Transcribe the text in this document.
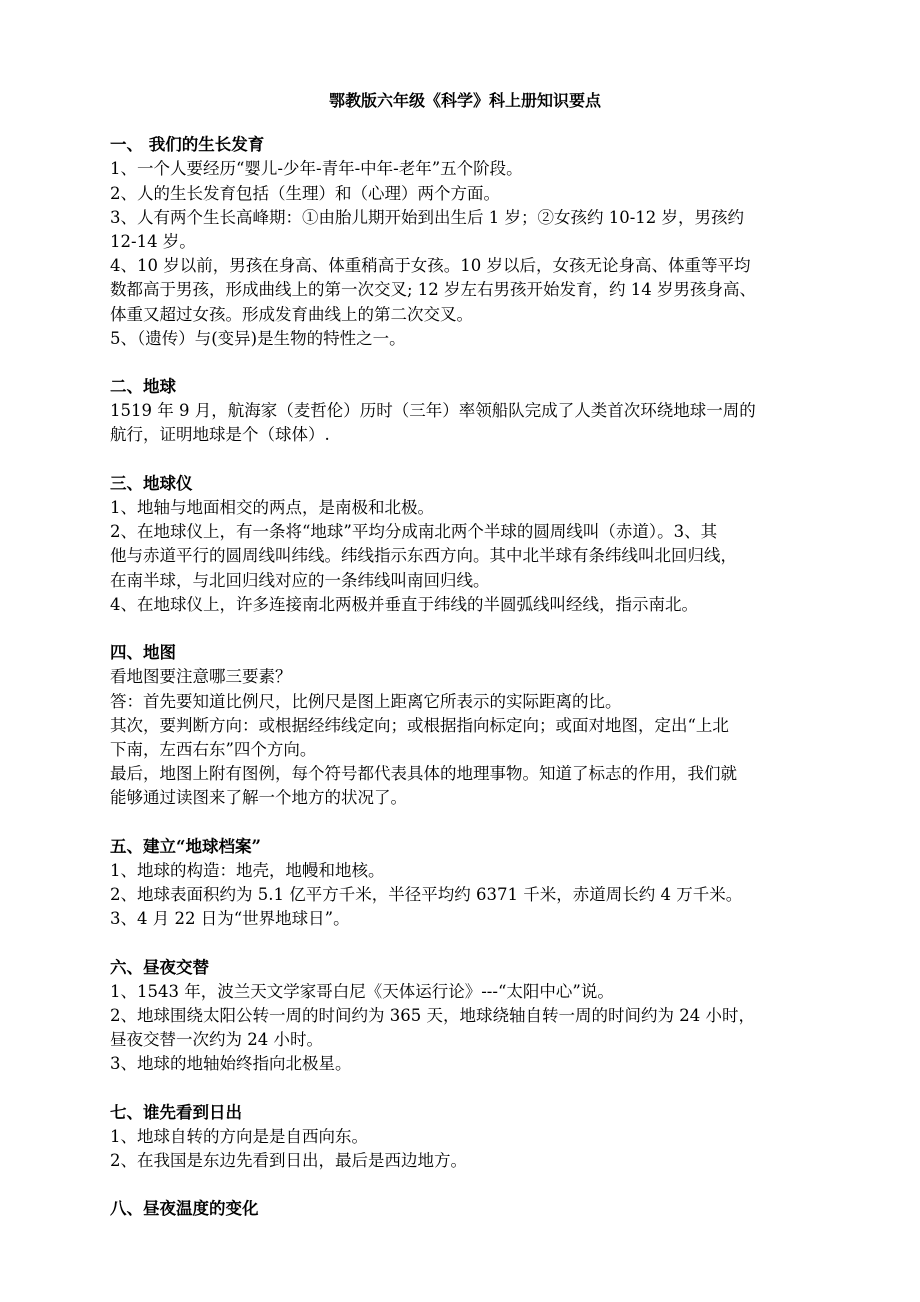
鄂教版六年级《科学》科上册知识要点
一、 我们的生长发育
1、一个人要经历“婴儿-少年-青年-中年-老年”五个阶段。
2、人的生长发育包括（生理）和（心理）两个方面。
3、人有两个生长高峰期：①由胎儿期开始到出生后 1 岁；②女孩约 10-12 岁，男孩约
12-14 岁。
4、10 岁以前，男孩在身高、体重稍高于女孩。10 岁以后，女孩无论身高、体重等平均
数都高于男孩，形成曲线上的第一次交叉; 12 岁左右男孩开始发育，约 14 岁男孩身高、
体重又超过女孩。形成发育曲线上的第二次交叉。
5、（遗传）与(变异)是生物的特性之一。
二、地球
1519 年 9 月，航海家（麦哲伦）历时（三年）率领船队完成了人类首次环绕地球一周的
航行，证明地球是个（球体）.
三、地球仪
1、地轴与地面相交的两点，是南极和北极。
2、在地球仪上，有一条将“地球”平均分成南北两个半球的圆周线叫（赤道）。3、其
他与赤道平行的圆周线叫纬线。纬线指示东西方向。其中北半球有条纬线叫北回归线，
在南半球，与北回归线对应的一条纬线叫南回归线。
4、在地球仪上，许多连接南北两极并垂直于纬线的半圆弧线叫经线，指示南北。
四、地图
看地图要注意哪三要素？
答：首先要知道比例尺，比例尺是图上距离它所表示的实际距离的比。
其次，要判断方向：或根据经纬线定向；或根据指向标定向；或面对地图，定出“上北
下南，左西右东”四个方向。
最后，地图上附有图例，每个符号都代表具体的地理事物。知道了标志的作用，我们就
能够通过读图来了解一个地方的状况了。
五、建立“地球档案”
1、地球的构造：地壳，地幔和地核。
2、地球表面积约为 5.1 亿平方千米，半径平均约 6371 千米，赤道周长约 4 万千米。
3、4 月 22 日为“世界地球日”。
六、昼夜交替
1、1543 年，波兰天文学家哥白尼《天体运行论》---“太阳中心”说。
2、地球围绕太阳公转一周的时间约为 365 天，地球绕轴自转一周的时间约为 24 小时，
昼夜交替一次约为 24 小时。
3、地球的地轴始终指向北极星。
七、谁先看到日出
1、地球自转的方向是是自西向东。
2、在我国是东边先看到日出，最后是西边地方。
八、昼夜温度的变化
